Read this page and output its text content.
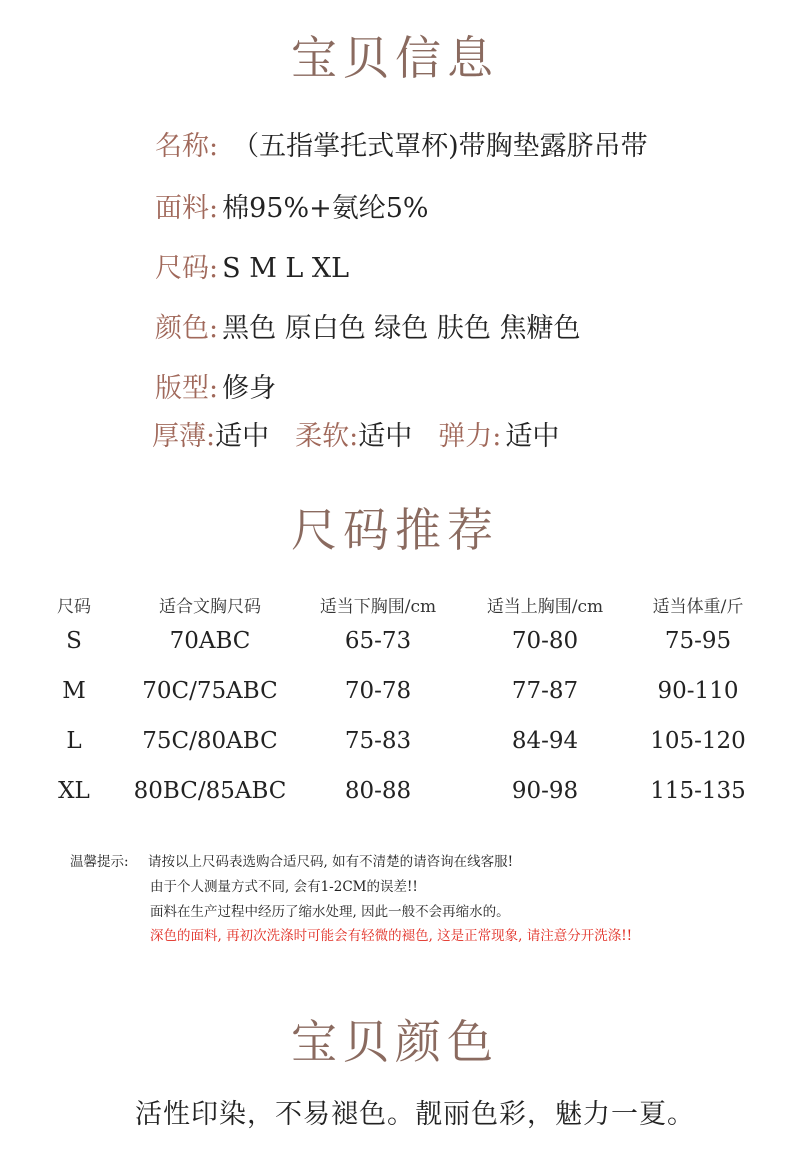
宝贝信息
名称: （五指掌托式罩杯)带胸垫露脐吊带
面料: 棉95%+氨纶5%
尺码: S M L XL
颜色: 黑色 原白色 绿色 肤色 焦糖色
版型: 修身
厚薄:适中 柔软:适中 弹力: 适中
尺码推荐
尺码	适合文胸尺码	适当下胸围/cm	适当上胸围/cm	适当体重/斤
S	70ABC	65-73	70-80	75-95
M 70C/75ABC	70-78	77-87	90-110
L	75C/80ABC	75-83	84-94	105-120
XL 80BC/85ABC	80-88	90-98	115-135
温馨提示: 请按以上尺码表选购合适尺码, 如有不清楚的请咨询在线客服!
由于个人测量方式不同, 会有1-2CM的误差!!
面料在生产过程中经历了缩水处理, 因此一般不会再缩水的。
深色的面料, 再初次洗涤时可能会有轻微的褪色, 这是正常现象, 请注意分开洗涤!!
宝贝颜色
活性印染，不易褪色。靓丽色彩，魅力一夏。
